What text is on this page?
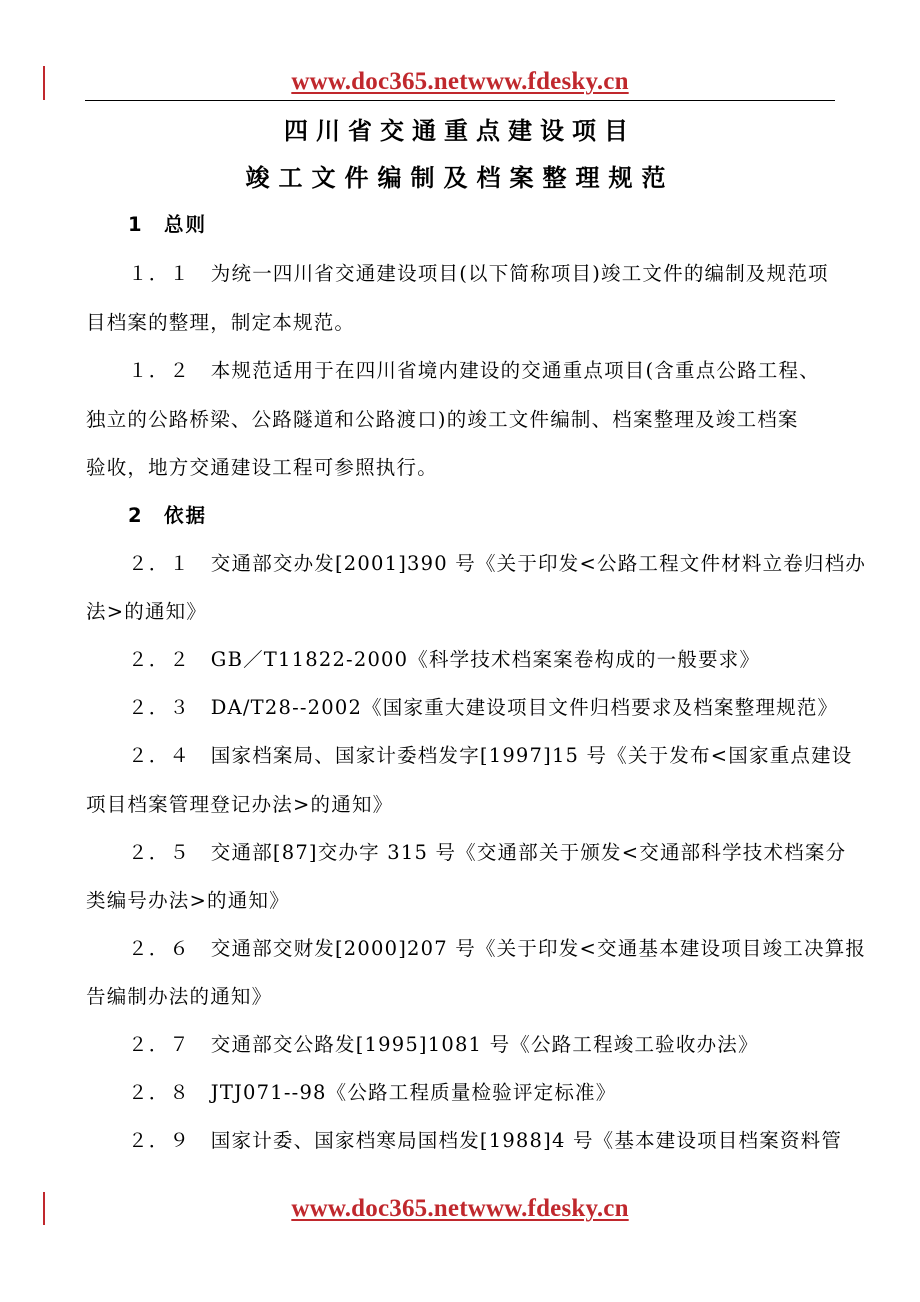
www.doc365.netwww.fdesky.cn
四川省交通重点建设项目
竣工文件编制及档案整理规范
1 总则
１．１　为统一四川省交通建设项目(以下简称项目)竣工文件的编制及规范项
目档案的整理，制定本规范。
１．２　本规范适用于在四川省境内建设的交通重点项目(含重点公路工程、
独立的公路桥梁、公路隧道和公路渡口)的竣工文件编制、档案整理及竣工档案
验收，地方交通建设工程可参照执行。
2 依据
２．１　交通部交办发[2001]390 号《关于印发<公路工程文件材料立卷归档办
法>的通知》
２．２　GB／T11822-2000《科学技术档案案卷构成的一般要求》
２．３　DA/T28--2002《国家重大建设项目文件归档要求及档案整理规范》
２．４　国家档案局、国家计委档发字[1997]15 号《关于发布<国家重点建设
项目档案管理登记办法>的通知》
２．５　交通部[87]交办字 315 号《交通部关于颁发<交通部科学技术档案分
类编号办法>的通知》
２．６　交通部交财发[2000]207 号《关于印发<交通基本建设项目竣工决算报
告编制办法的通知》
２．７　交通部交公路发[1995]1081 号《公路工程竣工验收办法》
２．８　JTJ071--98《公路工程质量检验评定标准》
２．９　国家计委、国家档寒局国档发[1988]4 号《基本建设项目档案资料管
www.doc365.netwww.fdesky.cn
